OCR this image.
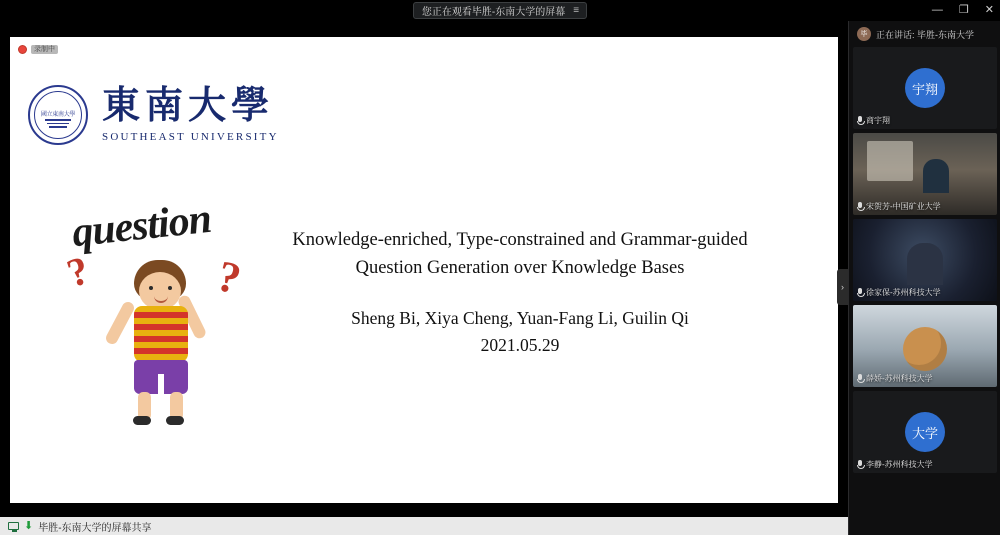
您正在观看毕胜-东南大学的屏幕 ≡	— ❐ ✕
录制中
國立東南大學 東南大學
SOUTHEAST UNIVERSITY
question
?	?
Knowledge-enriched, Type-constrained and Grammar-guided
Question Generation over Knowledge Bases
Sheng Bi, Xiya Cheng, Yuan-Fang Li, Guilin Qi
2021.05.29
›
⬇ 毕胜-东南大学的屏幕共享
毕 正在讲话: 毕胜-东南大学
宇翔
商宇翔
宋贺芳-中国矿业大学
徐家保-苏州科技大学
薛娇-苏州科技大学
大学
李静-苏州科技大学
